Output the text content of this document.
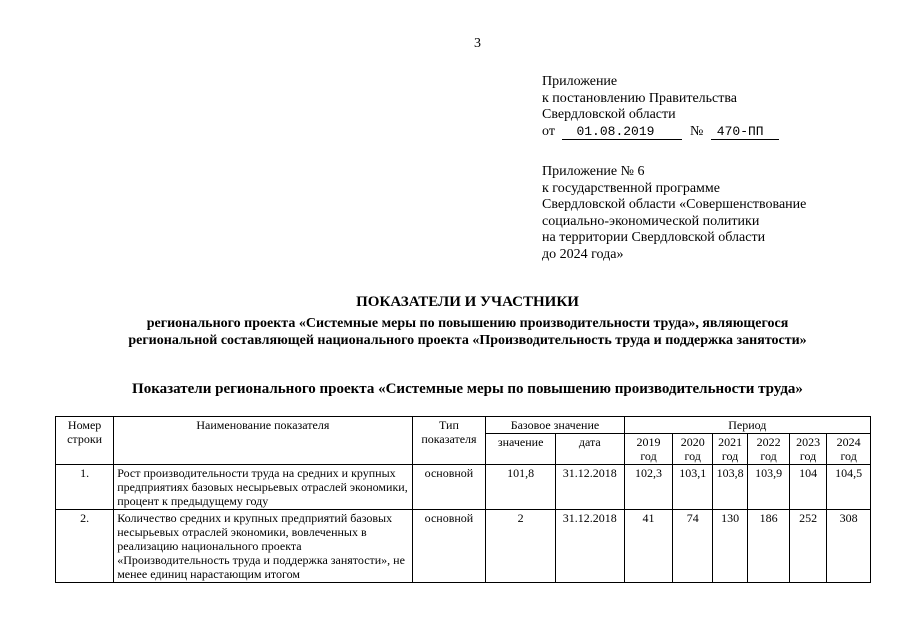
3
Приложение
к постановлению Правительства
Свердловской области
от 01.08.2019	№ 470-ПП
Приложение № 6
к государственной программе
Свердловской области «Совершенствование
социально-экономической политики
на территории Свердловской области
до 2024 года»
ПОКАЗАТЕЛИ И УЧАСТНИКИ
регионального проекта «Системные меры по повышению производительности труда», являющегося
региональной составляющей национального проекта «Производительность труда и поддержка занятости»
Показатели регионального проекта «Системные меры по повышению производительности труда»
Номер строки	Наименование показателя	Тип показателя	Базовое значение		Период					
			значение	дата	2019 год	2020 год	2021 год	2022 год	2023 год	2024 год
1.	Рост производительности труда на средних и крупных предприятиях базовых несырьевых отраслей экономики, процент к предыдущему году	основной	101,8	31.12.2018	102,3	103,1	103,8	103,9	104	104,5
2.	Количество средних и крупных предприятий базовых несырьевых отраслей экономики, вовлеченных в реализацию национального проекта «Производительность труда и поддержка занятости», не менее единиц нарастающим итогом	основной	2	31.12.2018	41	74	130	186	252	308
